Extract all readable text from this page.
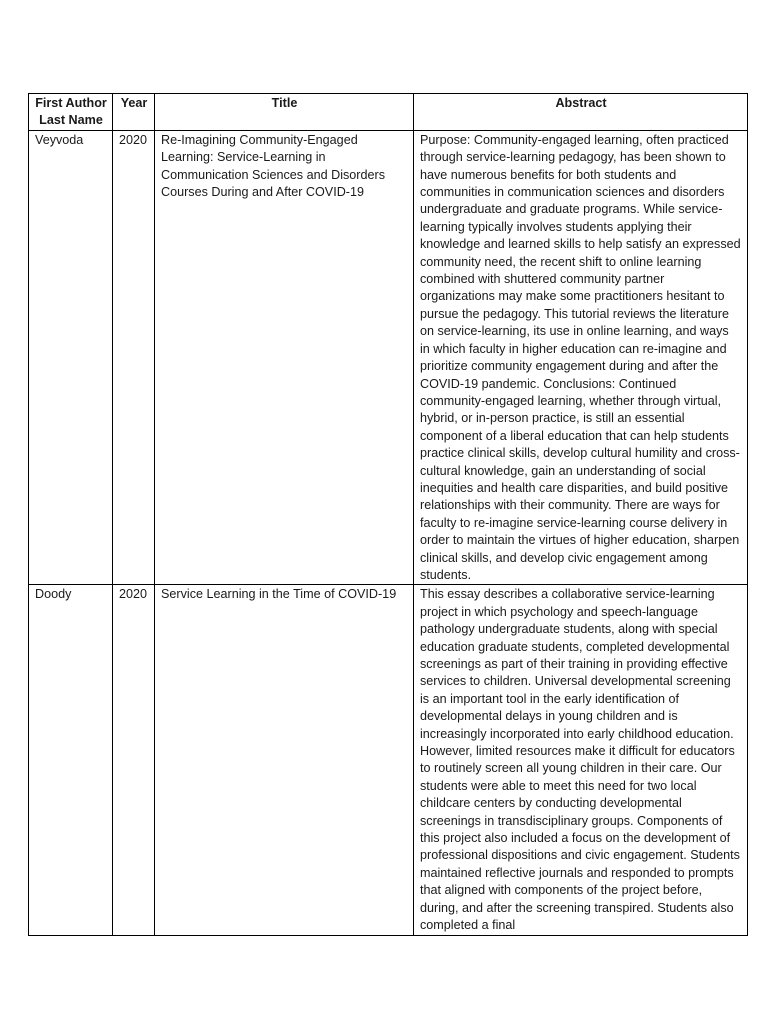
First Author Last Name	Year	Title	Abstract
Veyvoda	2020	Re-Imagining Community-Engaged Learning: Service-Learning in Communication Sciences and Disorders Courses During and After COVID-19	Purpose: Community-engaged learning, often practiced through service-learning pedagogy, has been shown to have numerous benefits for both students and communities in communication sciences and disorders undergraduate and graduate programs. While service-learning typically involves students applying their knowledge and learned skills to help satisfy an expressed community need, the recent shift to online learning combined with shuttered community partner organizations may make some practitioners hesitant to pursue the pedagogy. This tutorial reviews the literature on service-learning, its use in online learning, and ways in which faculty in higher education can re-imagine and prioritize community engagement during and after the COVID-19 pandemic. Conclusions: Continued community-engaged learning, whether through virtual, hybrid, or in-person practice, is still an essential component of a liberal education that can help students practice clinical skills, develop cultural humility and cross-cultural knowledge, gain an understanding of social inequities and health care disparities, and build positive relationships with their community. There are ways for faculty to re-imagine service-learning course delivery in order to maintain the virtues of higher education, sharpen clinical skills, and develop civic engagement among students.
Doody	2020	Service Learning in the Time of COVID-19	This essay describes a collaborative service-learning project in which psychology and speech-language pathology undergraduate students, along with special education graduate students, completed developmental screenings as part of their training in providing effective services to children. Universal developmental screening is an important tool in the early identification of developmental delays in young children and is increasingly incorporated into early childhood education. However, limited resources make it difficult for educators to routinely screen all young children in their care. Our students were able to meet this need for two local childcare centers by conducting developmental screenings in transdisciplinary groups. Components of this project also included a focus on the development of professional dispositions and civic engagement. Students maintained reflective journals and responded to prompts that aligned with components of the project before, during, and after the screening transpired. Students also completed a final
